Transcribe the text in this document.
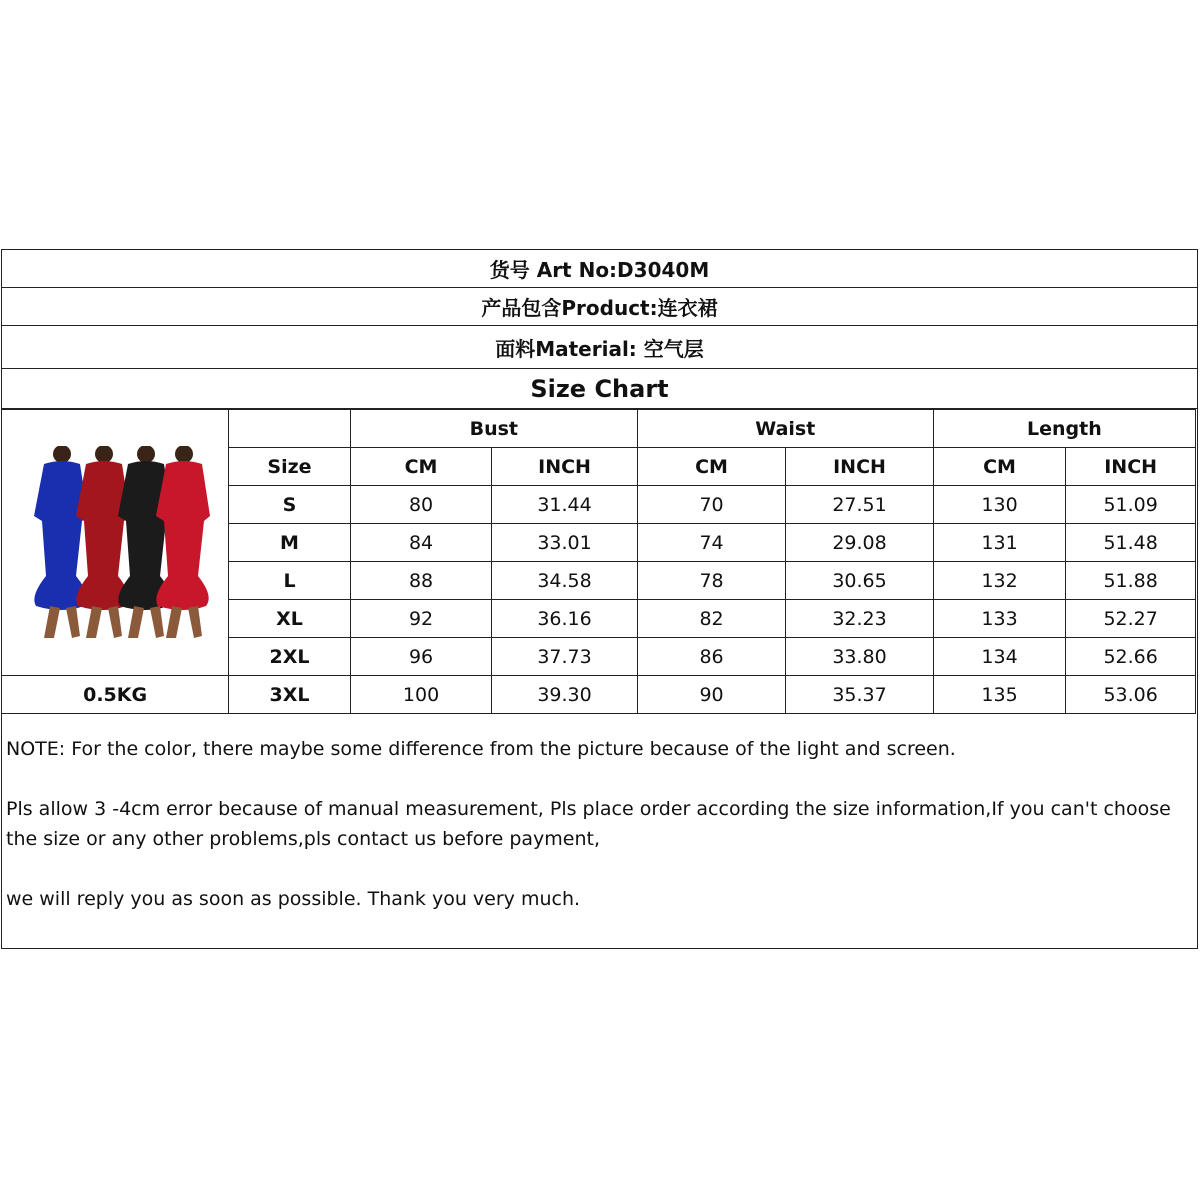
货号 Art No:D3040M
产品包含Product:连衣裙
面料Material: 空气层
Size Chart
		Bust		Waist		Length	
	Size	CM	INCH	CM	INCH	CM	INCH
	S	80	31.44	70	27.51	130	51.09
	M	84	33.01	74	29.08	131	51.48
	L	88	34.58	78	30.65	132	51.88
	XL	92	36.16	82	32.23	133	52.27
	2XL	96	37.73	86	33.80	134	52.66
0.5KG	3XL	100	39.30	90	35.37	135	53.06

NOTE: For the color, there maybe some difference from the picture because of the light and screen.

Pls allow 3 -4cm error because of manual measurement, Pls place order according the size information,If you can't choose the size or any other problems,pls contact us before payment,

we will reply you as soon as possible. Thank you very much.
